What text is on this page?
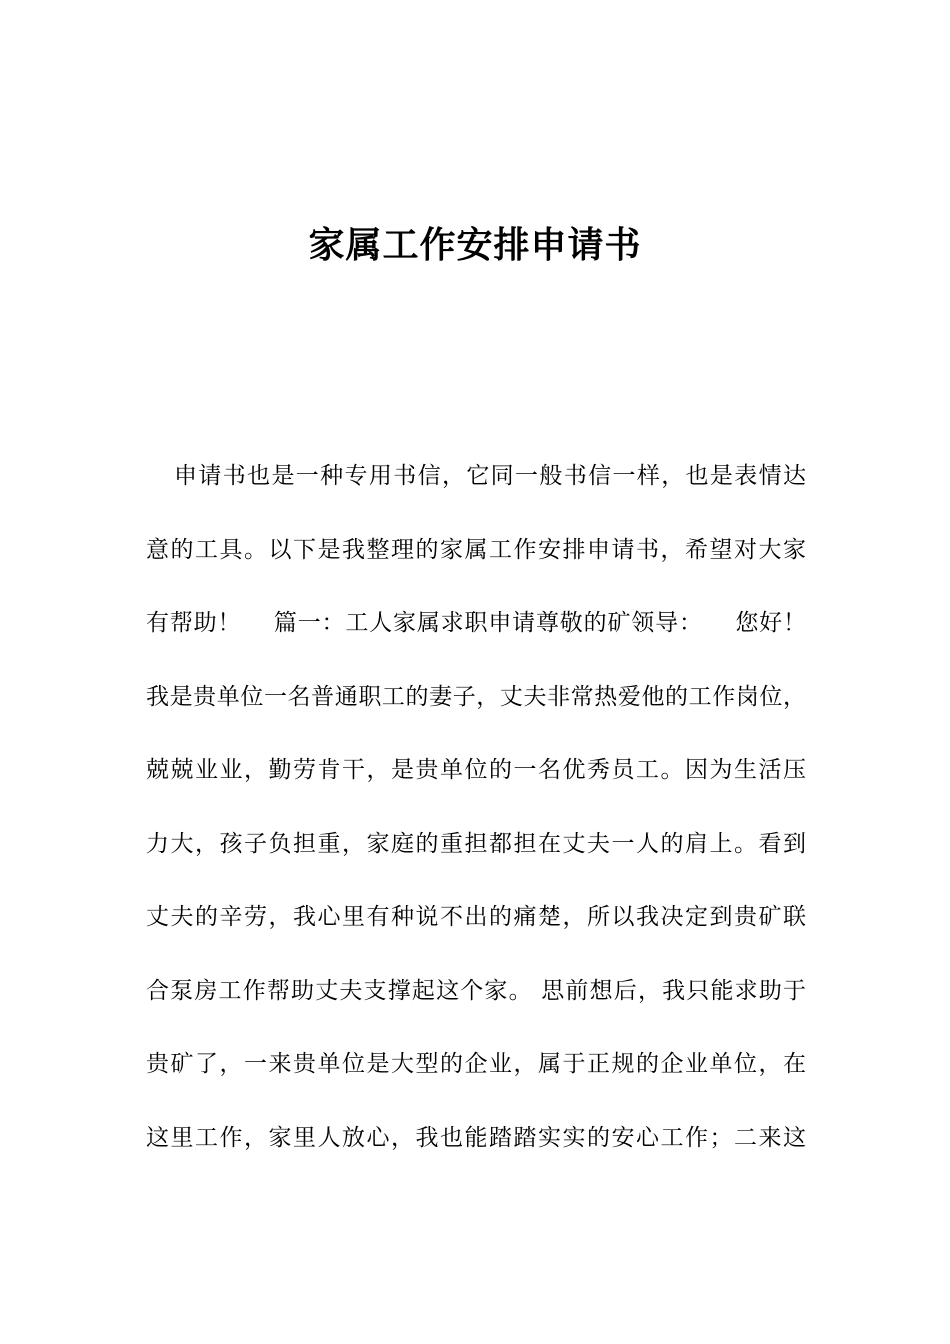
家属工作安排申请书
申请书也是一种专用书信，它同一般书信一样，也是表情达
意的工具。以下是我整理的家属工作安排申请书，希望对大家
有帮助！    篇一：工人家属求职申请尊敬的矿领导：    您好！
我是贵单位一名普通职工的妻子，丈夫非常热爱他的工作岗位，
兢兢业业，勤劳肯干，是贵单位的一名优秀员工。因为生活压
力大，孩子负担重，家庭的重担都担在丈夫一人的肩上。看到
丈夫的辛劳，我心里有种说不出的痛楚，所以我决定到贵矿联
合泵房工作帮助丈夫支撑起这个家。 思前想后，我只能求助于
贵矿了，一来贵单位是大型的企业，属于正规的企业单位，在
这里工作，家里人放心，我也能踏踏实实的安心工作；二来这
